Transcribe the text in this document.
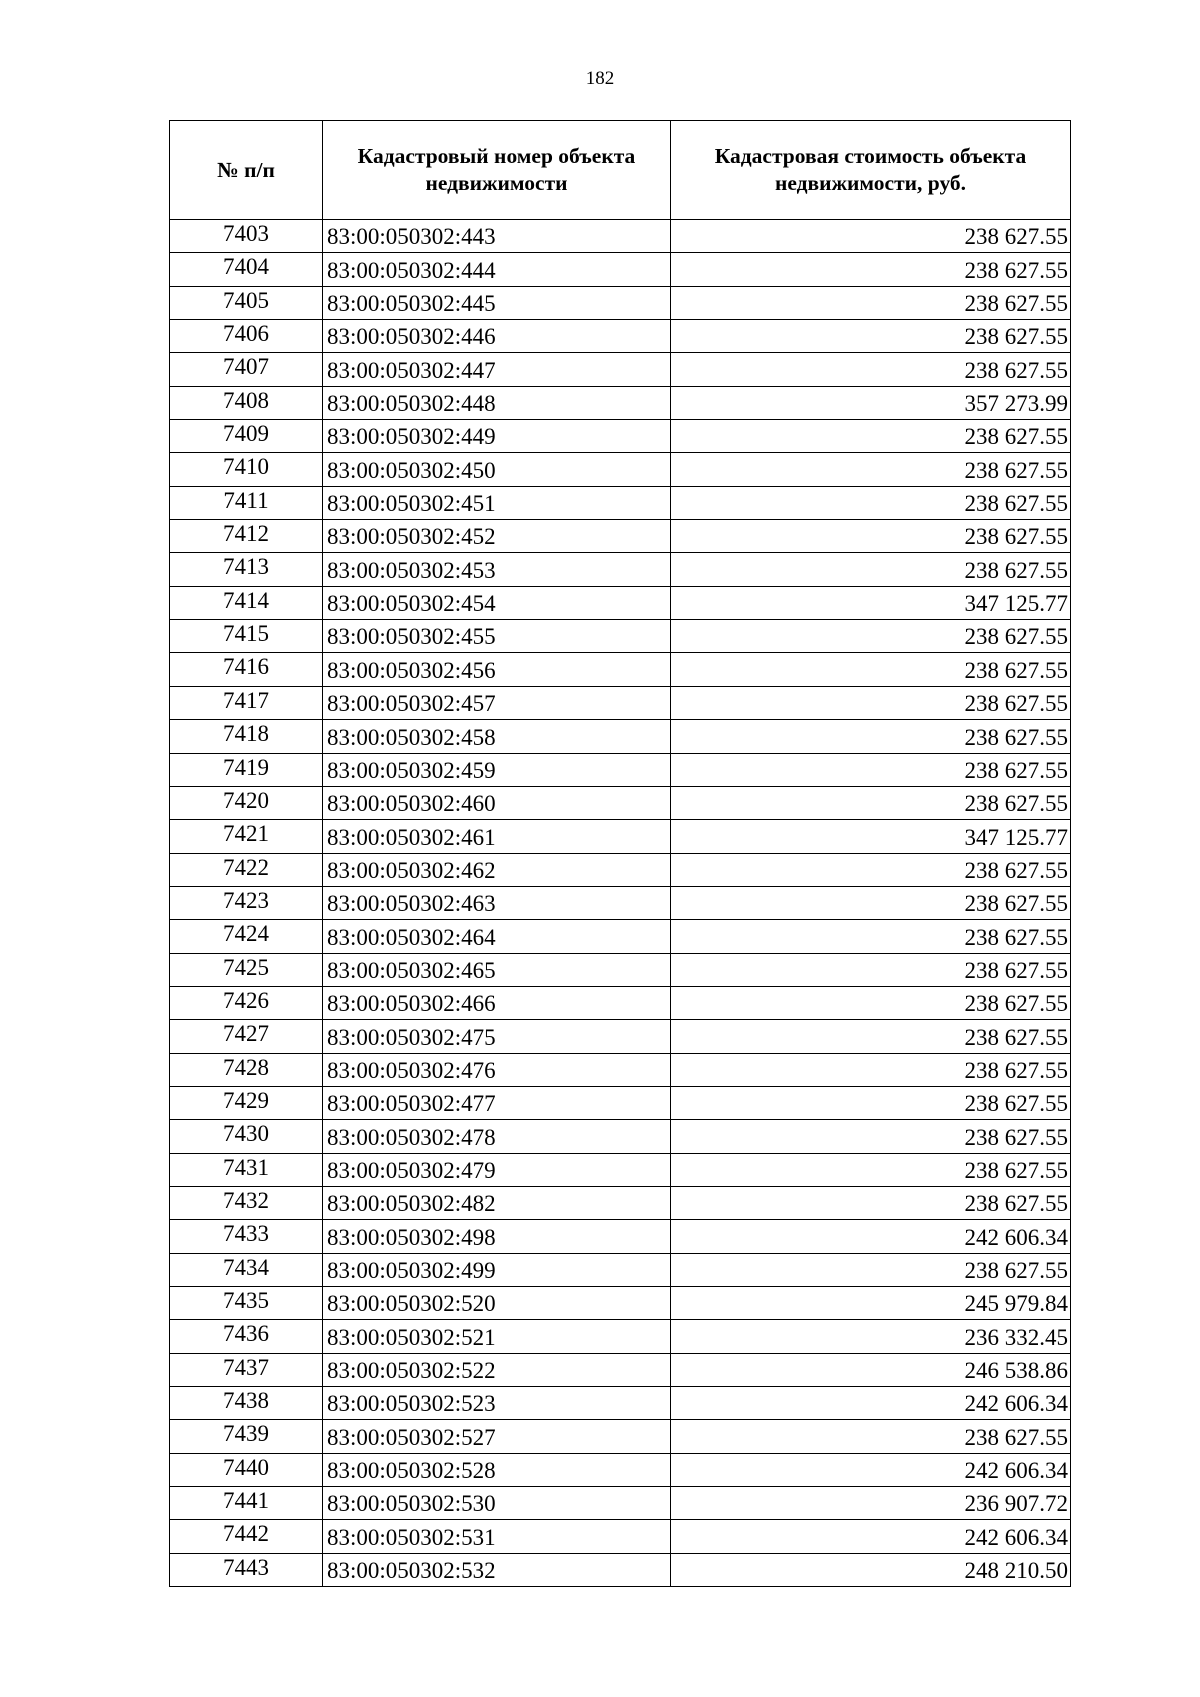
182
№ п/п	Кадастровый номер объекта недвижимости	Кадастровая стоимость объекта недвижимости, руб.
7403	83:00:050302:443	238 627.55
7404	83:00:050302:444	238 627.55
7405	83:00:050302:445	238 627.55
7406	83:00:050302:446	238 627.55
7407	83:00:050302:447	238 627.55
7408	83:00:050302:448	357 273.99
7409	83:00:050302:449	238 627.55
7410	83:00:050302:450	238 627.55
7411	83:00:050302:451	238 627.55
7412	83:00:050302:452	238 627.55
7413	83:00:050302:453	238 627.55
7414	83:00:050302:454	347 125.77
7415	83:00:050302:455	238 627.55
7416	83:00:050302:456	238 627.55
7417	83:00:050302:457	238 627.55
7418	83:00:050302:458	238 627.55
7419	83:00:050302:459	238 627.55
7420	83:00:050302:460	238 627.55
7421	83:00:050302:461	347 125.77
7422	83:00:050302:462	238 627.55
7423	83:00:050302:463	238 627.55
7424	83:00:050302:464	238 627.55
7425	83:00:050302:465	238 627.55
7426	83:00:050302:466	238 627.55
7427	83:00:050302:475	238 627.55
7428	83:00:050302:476	238 627.55
7429	83:00:050302:477	238 627.55
7430	83:00:050302:478	238 627.55
7431	83:00:050302:479	238 627.55
7432	83:00:050302:482	238 627.55
7433	83:00:050302:498	242 606.34
7434	83:00:050302:499	238 627.55
7435	83:00:050302:520	245 979.84
7436	83:00:050302:521	236 332.45
7437	83:00:050302:522	246 538.86
7438	83:00:050302:523	242 606.34
7439	83:00:050302:527	238 627.55
7440	83:00:050302:528	242 606.34
7441	83:00:050302:530	236 907.72
7442	83:00:050302:531	242 606.34
7443	83:00:050302:532	248 210.50
